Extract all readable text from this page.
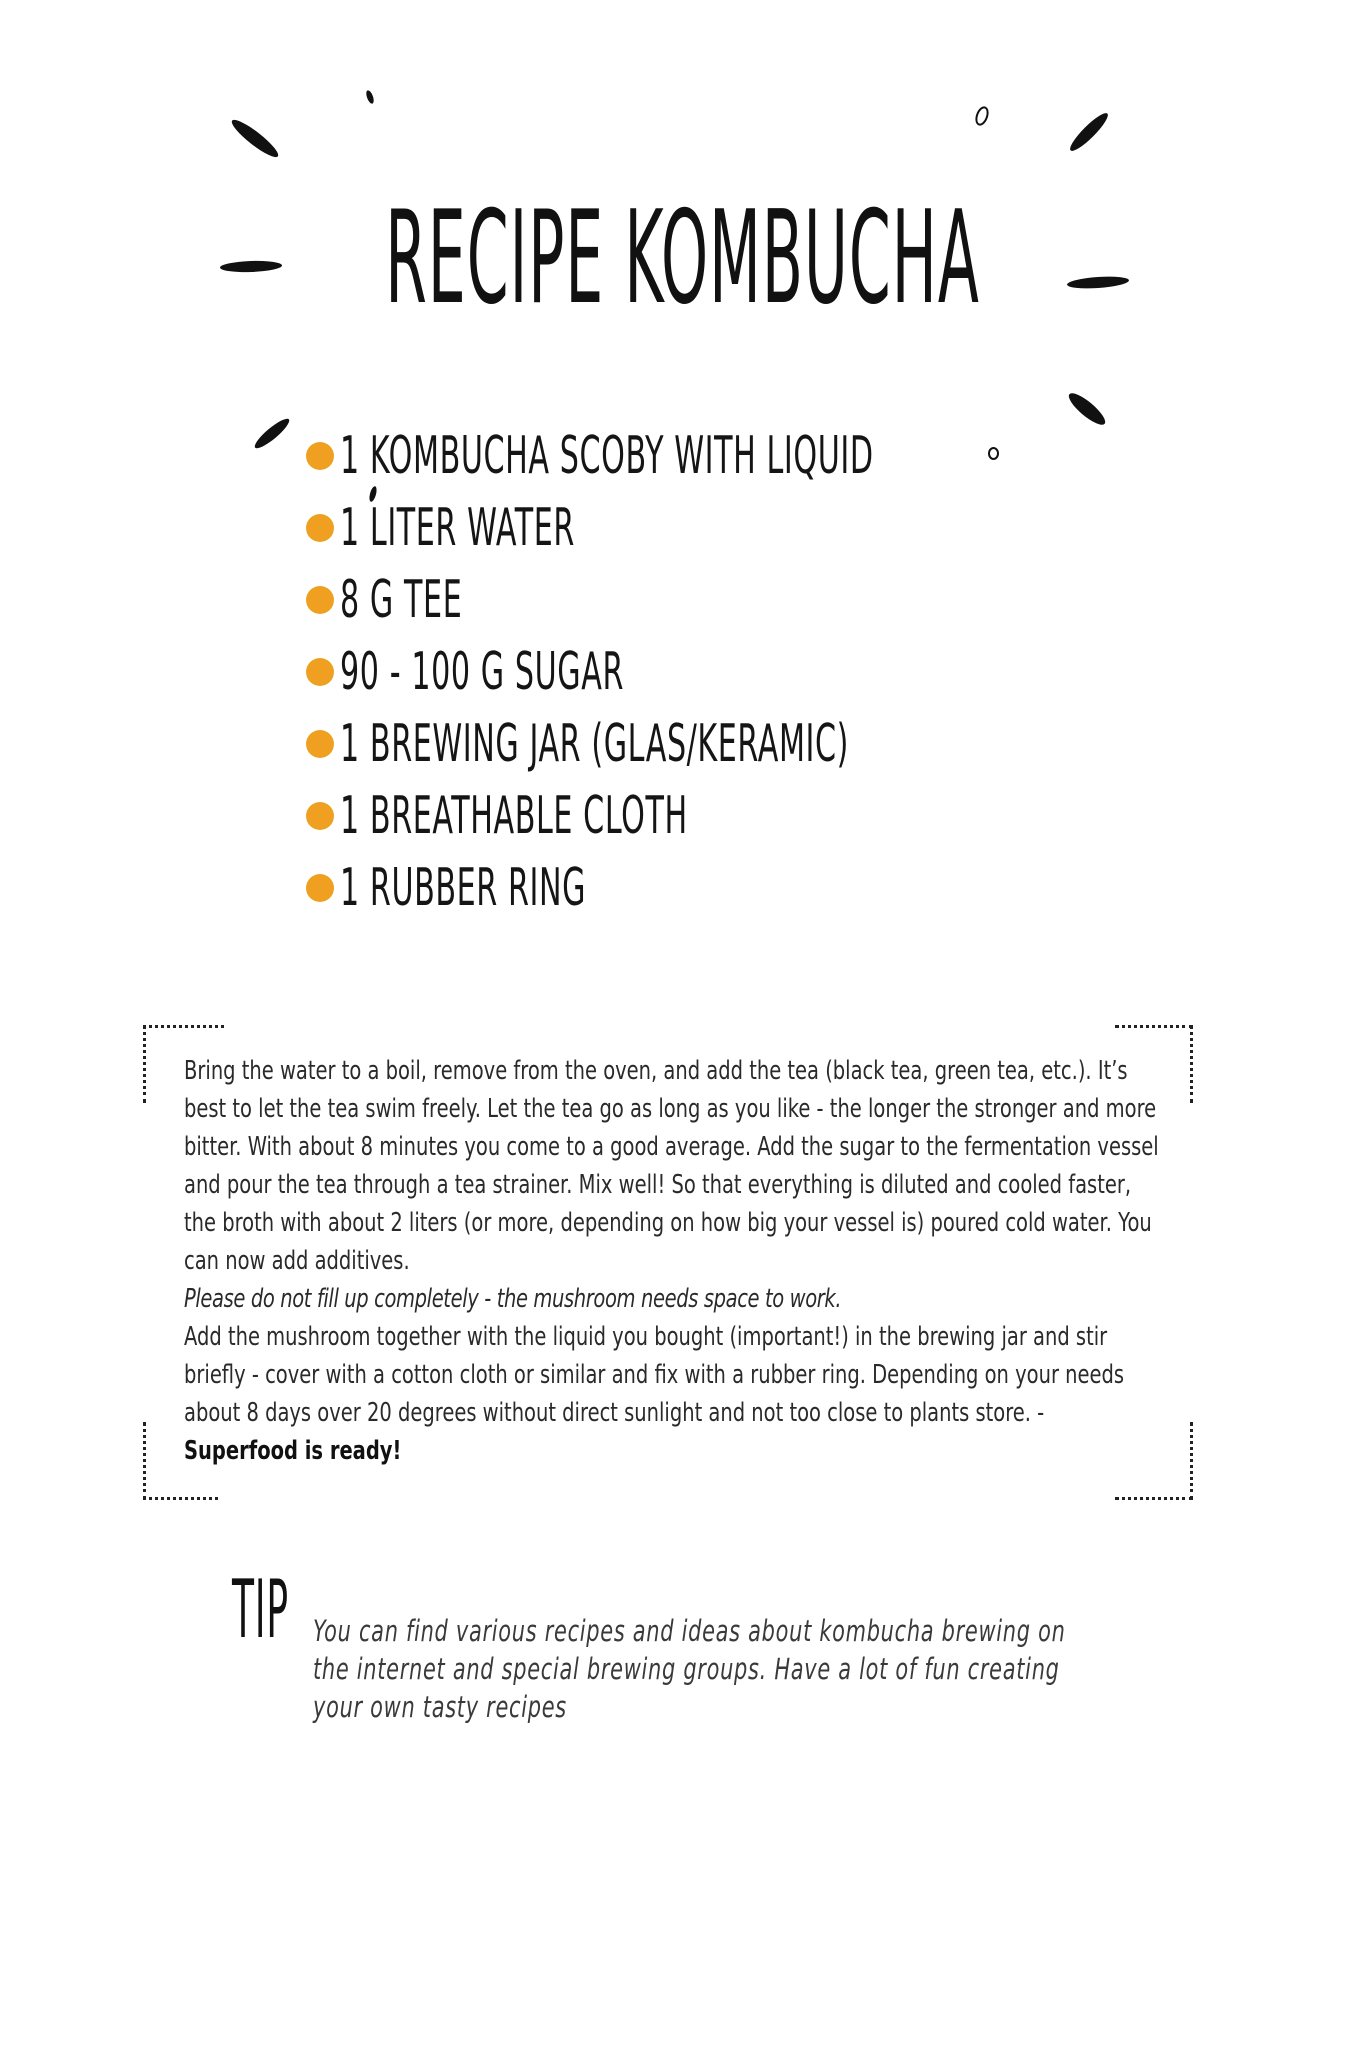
RECIPE KOMBUCHA
1 KOMBUCHA SCOBY WITH LIQUID
1 LITER WATER
8 G TEE
90 - 100 G SUGAR
1 BREWING JAR (GLAS/KERAMIC)
1 BREATHABLE CLOTH
1 RUBBER RING

Bring the water to a boil, remove from the oven, and add the tea (black tea, green tea, etc.). It’s best to let the tea swim freely. Let the tea go as long as you like - the longer the stronger and more bitter. With about 8 minutes you come to a good average. Add the sugar to the fermentation vessel and pour the tea through a tea strainer. Mix well! So that everything is diluted and cooled faster, the broth with about 2 liters (or more, depending on how big your vessel is) poured cold water. You can now add additives.

Please do not fill up completely - the mushroom needs space to work.

Add the mushroom together with the liquid you bought (important!) in the brewing jar and stir briefly - cover with a cotton cloth or similar and fix with a rubber ring. Depending on your needs about 8 days over 20 degrees without direct sunlight and not too close to plants store. -

Superfood is ready!

TIP You can find various recipes and ideas about kombucha brewing on the internet and special brewing groups. Have a lot of fun creating your own tasty recipes
